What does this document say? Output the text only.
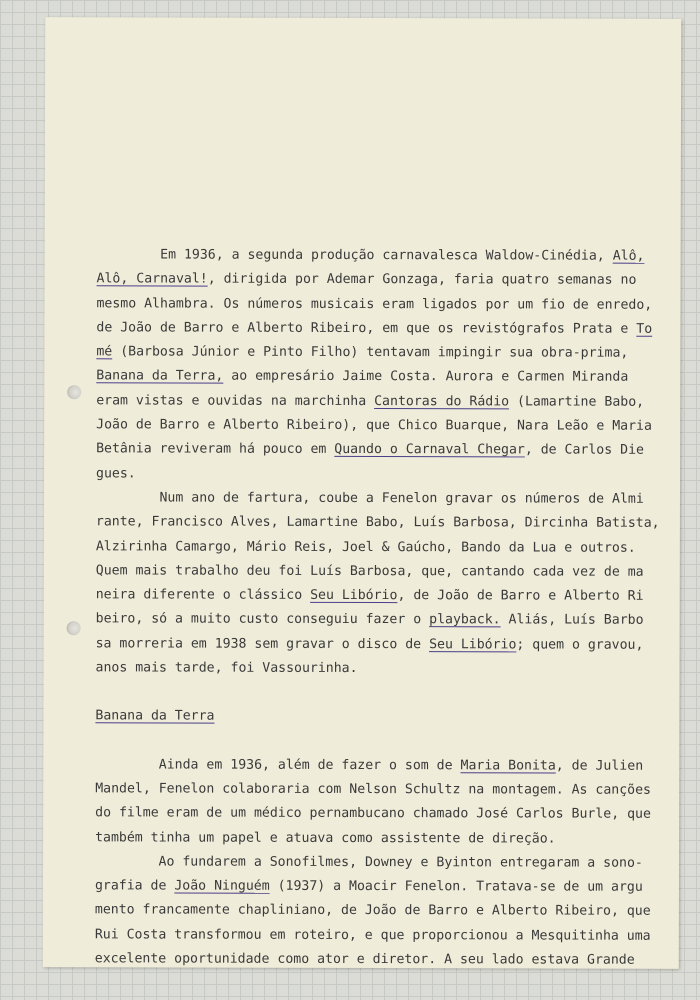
Em 1936, a segunda produção carnavalesca Waldow-Cinédia, Alô,
Alô, Carnaval!, dirigida por Ademar Gonzaga, faria quatro semanas no
mesmo Alhambra. Os números musicais eram ligados por um fio de enredo,
de João de Barro e Alberto Ribeiro, em que os revistógrafos Prata e To
mé (Barbosa Júnior e Pinto Filho) tentavam impingir sua obra-prima,
Banana da Terra, ao empresário Jaime Costa. Aurora e Carmen Miranda
eram vistas e ouvidas na marchinha Cantoras do Rádio (Lamartine Babo,
João de Barro e Alberto Ribeiro), que Chico Buarque, Nara Leão e Maria
Betânia reviveram há pouco em Quando o Carnaval Chegar, de Carlos Die
gues.

Num ano de fartura, coube a Fenelon gravar os números de Almi
rante, Francisco Alves, Lamartine Babo, Luís Barbosa, Dircinha Batista,
Alzirinha Camargo, Mário Reis, Joel & Gaúcho, Bando da Lua e outros.
Quem mais trabalho deu foi Luís Barbosa, que, cantando cada vez de ma
neira diferente o clássico Seu Libório, de João de Barro e Alberto Ri
beiro, só a muito custo conseguiu fazer o playback. Aliás, Luís Barbo
sa morreria em 1938 sem gravar o disco de Seu Libório; quem o gravou,
anos mais tarde, foi Vassourinha.

Banana da Terra

Ainda em 1936, além de fazer o som de Maria Bonita, de Julien
Mandel, Fenelon colaboraria com Nelson Schultz na montagem. As canções
do filme eram de um médico pernambucano chamado José Carlos Burle, que
também tinha um papel e atuava como assistente de direção.

Ao fundarem a Sonofilmes, Downey e Byinton entregaram a sono-
grafia de João Ninguém (1937) a Moacir Fenelon. Tratava-se de um argu
mento francamente chapliniano, de João de Barro e Alberto Ribeiro, que
Rui Costa transformou em roteiro, e que proporcionou a Mesquitinha uma
excelente oportunidade como ator e diretor. A seu lado estava Grande
